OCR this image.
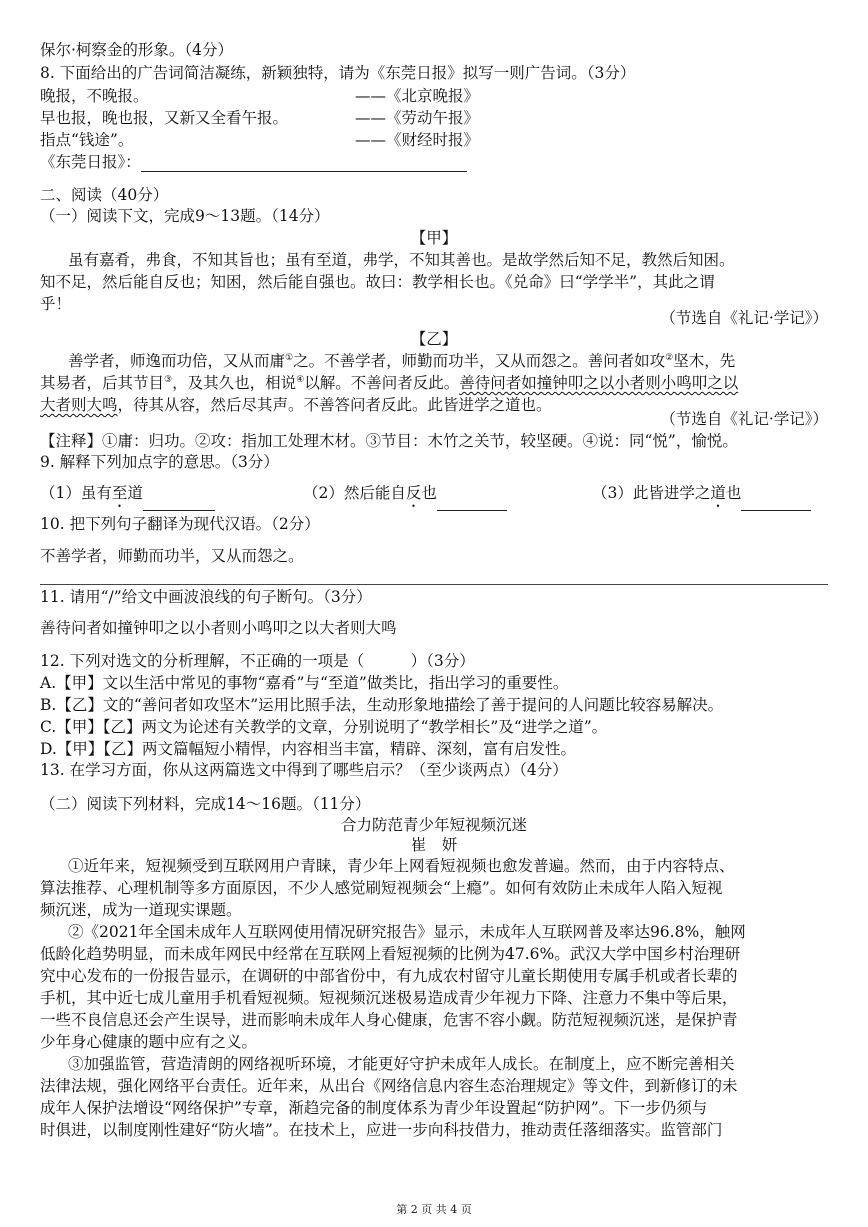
保尔·柯察金的形象。（4分）
8. 下面给出的广告词简洁凝练，新颖独特，请为《东莞日报》拟写一则广告词。（3分）
晚报，不晚报。	——《北京晚报》
早也报，晚也报，又新又全看午报。	——《劳动午报》
指点“钱途”。	——《财经时报》
《东莞日报》：
二、阅读（40分）
（一）阅读下文，完成9～13题。（14分）
【甲】
虽有嘉肴，弗食，不知其旨也；虽有至道，弗学，不知其善也。是故学然后知不足，教然后知困。
知不足，然后能自反也；知困，然后能自强也。故曰：教学相长也。《兑命》曰“学学半”，其此之谓
乎！
（节选自《礼记·学记》）
【乙】
善学者，师逸而功倍，又从而庸①之。不善学者，师勤而功半，又从而怨之。善问者如攻②坚木，先
其易者，后其节目③，及其久也，相说④以解。不善问者反此。善待问者如撞钟叩之以小者则小鸣叩之以
大者则大鸣，待其从容，然后尽其声。不善答问者反此。此皆进学之道也。
（节选自《礼记·学记》）
【注释】①庸：归功。②攻：指加工处理木材。③节目：木竹之关节，较坚硬。④说：同“悦”，愉悦。
9. 解释下列加点字的意思。（3分）
（1）虽有至道	（2）然后能自反也	（3）此皆进学之道也
10. 把下列句子翻译为现代汉语。（2分）
不善学者，师勤而功半，又从而怨之。
11. 请用“/”给文中画波浪线的句子断句。（3分）
善待问者如撞钟叩之以小者则小鸣叩之以大者则大鸣
12. 下列对选文的分析理解，不正确的一项是（　　　）（3分）
A.【甲】文以生活中常见的事物“嘉肴”与“至道”做类比，指出学习的重要性。
B.【乙】文的“善问者如攻坚木”运用比照手法，生动形象地描绘了善于提问的人问题比较容易解决。
C.【甲】【乙】两文为论述有关教学的文章，分别说明了“教学相长”及“进学之道”。
D.【甲】【乙】两文篇幅短小精悍，内容相当丰富，精辟、深刻，富有启发性。
13. 在学习方面，你从这两篇选文中得到了哪些启示？（至少谈两点）（4分）
（二）阅读下列材料，完成14～16题。（11分）
合力防范青少年短视频沉迷
崔　妍
①近年来，短视频受到互联网用户青睐，青少年上网看短视频也愈发普遍。然而，由于内容特点、
算法推荐、心理机制等多方面原因，不少人感觉刷短视频会“上瘾”。如何有效防止未成年人陷入短视
频沉迷，成为一道现实课题。
②《2021年全国未成年人互联网使用情况研究报告》显示，未成年人互联网普及率达96.8%，触网
低龄化趋势明显，而未成年网民中经常在互联网上看短视频的比例为47.6%。武汉大学中国乡村治理研
究中心发布的一份报告显示，在调研的中部省份中，有九成农村留守儿童长期使用专属手机或者长辈的
手机，其中近七成儿童用手机看短视频。短视频沉迷极易造成青少年视力下降、注意力不集中等后果，
一些不良信息还会产生误导，进而影响未成年人身心健康，危害不容小觑。防范短视频沉迷，是保护青
少年身心健康的题中应有之义。
③加强监管，营造清朗的网络视听环境，才能更好守护未成年人成长。在制度上，应不断完善相关
法律法规，强化网络平台责任。近年来，从出台《网络信息内容生态治理规定》等文件，到新修订的未
成年人保护法增设“网络保护”专章，渐趋完备的制度体系为青少年设置起“防护网”。下一步仍须与
时俱进，以制度刚性建好“防火墙”。在技术上，应进一步向科技借力，推动责任落细落实。监管部门
第 2 页 共 4 页
